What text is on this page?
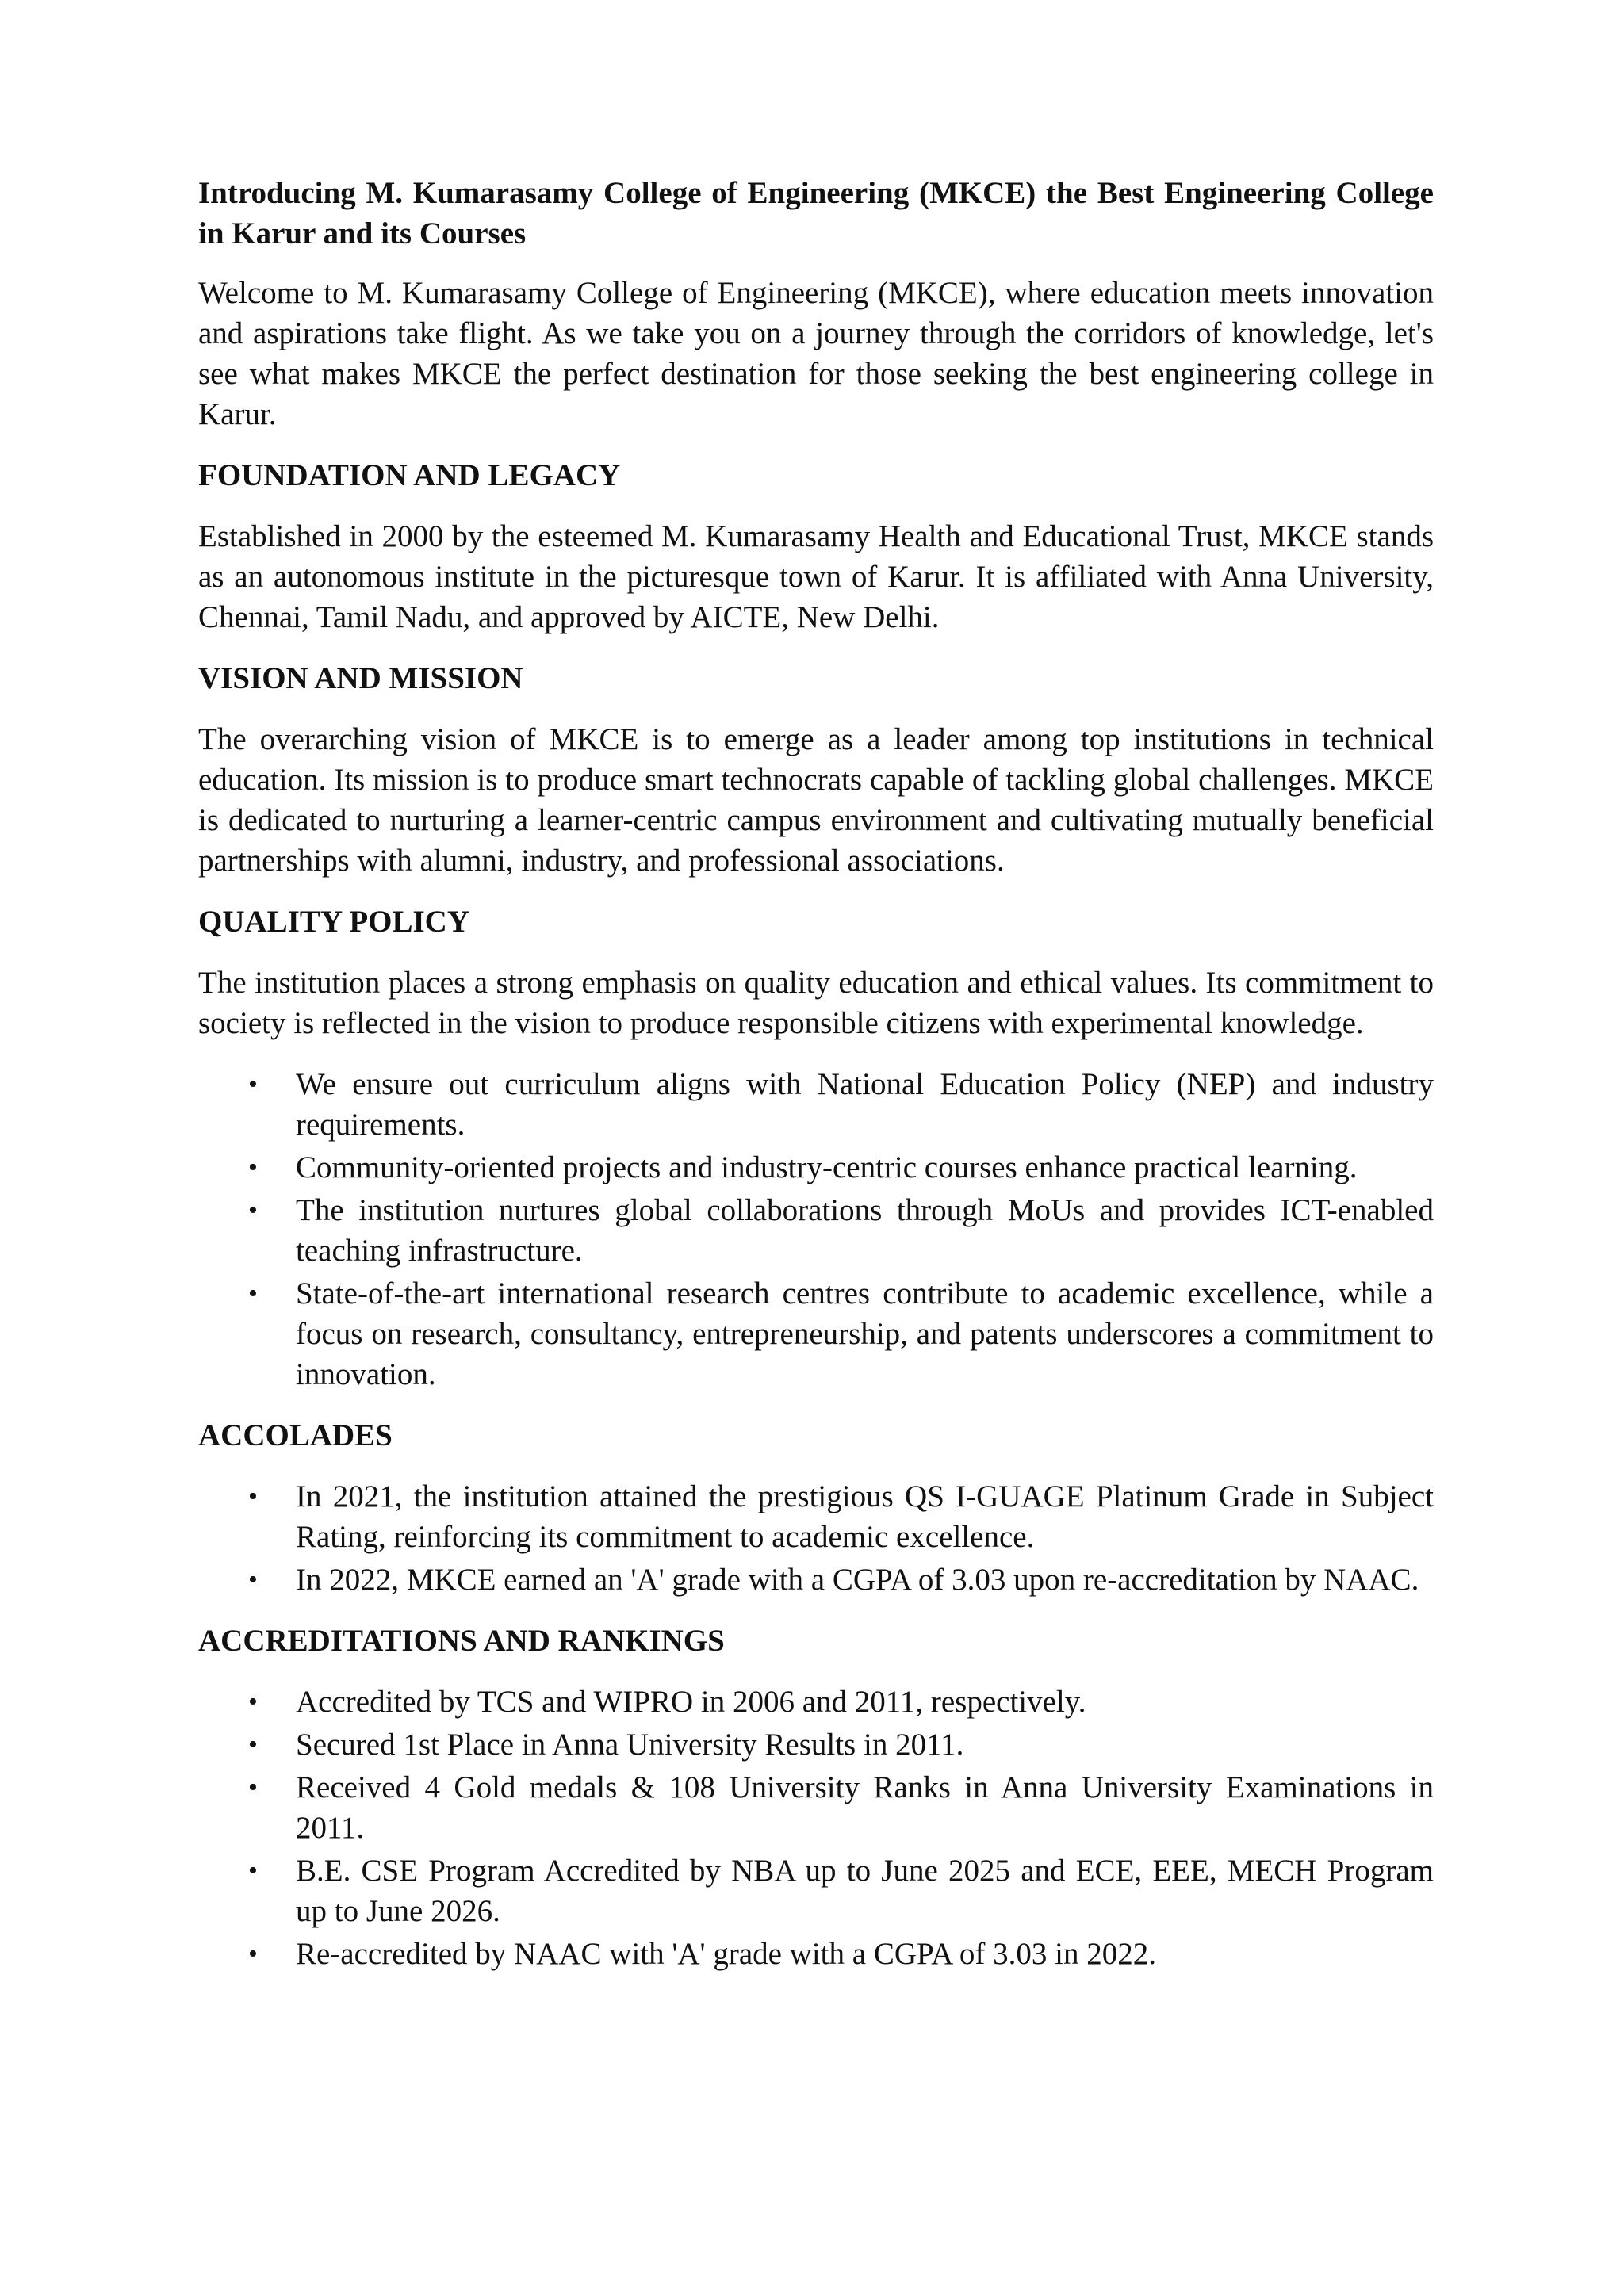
Introducing M. Kumarasamy College of Engineering (MKCE) the Best Engineering College in Karur and its Courses

Welcome to M. Kumarasamy College of Engineering (MKCE), where education meets innovation and aspirations take flight. As we take you on a journey through the corridors of knowledge, let's see what makes MKCE the perfect destination for those seeking the best engineering college in Karur.

FOUNDATION AND LEGACY

Established in 2000 by the esteemed M. Kumarasamy Health and Educational Trust, MKCE stands as an autonomous institute in the picturesque town of Karur. It is affiliated with Anna University, Chennai, Tamil Nadu, and approved by AICTE, New Delhi.

VISION AND MISSION

The overarching vision of MKCE is to emerge as a leader among top institutions in technical education. Its mission is to produce smart technocrats capable of tackling global challenges. MKCE is dedicated to nurturing a learner-centric campus environment and cultivating mutually beneficial partnerships with alumni, industry, and professional associations.

QUALITY POLICY

The institution places a strong emphasis on quality education and ethical values. Its commitment to society is reflected in the vision to produce responsible citizens with experimental knowledge.

• We ensure out curriculum aligns with National Education Policy (NEP) and industry requirements.
• Community-oriented projects and industry-centric courses enhance practical learning.
• The institution nurtures global collaborations through MoUs and provides ICT-enabled teaching infrastructure.
• State-of-the-art international research centres contribute to academic excellence, while a focus on research, consultancy, entrepreneurship, and patents underscores a commitment to innovation.

ACCOLADES

• In 2021, the institution attained the prestigious QS I-GUAGE Platinum Grade in Subject Rating, reinforcing its commitment to academic excellence.
• In 2022, MKCE earned an 'A' grade with a CGPA of 3.03 upon re-accreditation by NAAC.

ACCREDITATIONS AND RANKINGS

• Accredited by TCS and WIPRO in 2006 and 2011, respectively.
• Secured 1st Place in Anna University Results in 2011.
• Received 4 Gold medals & 108 University Ranks in Anna University Examinations in 2011.
• B.E. CSE Program Accredited by NBA up to June 2025 and ECE, EEE, MECH Program up to June 2026.
• Re-accredited by NAAC with 'A' grade with a CGPA of 3.03 in 2022.
